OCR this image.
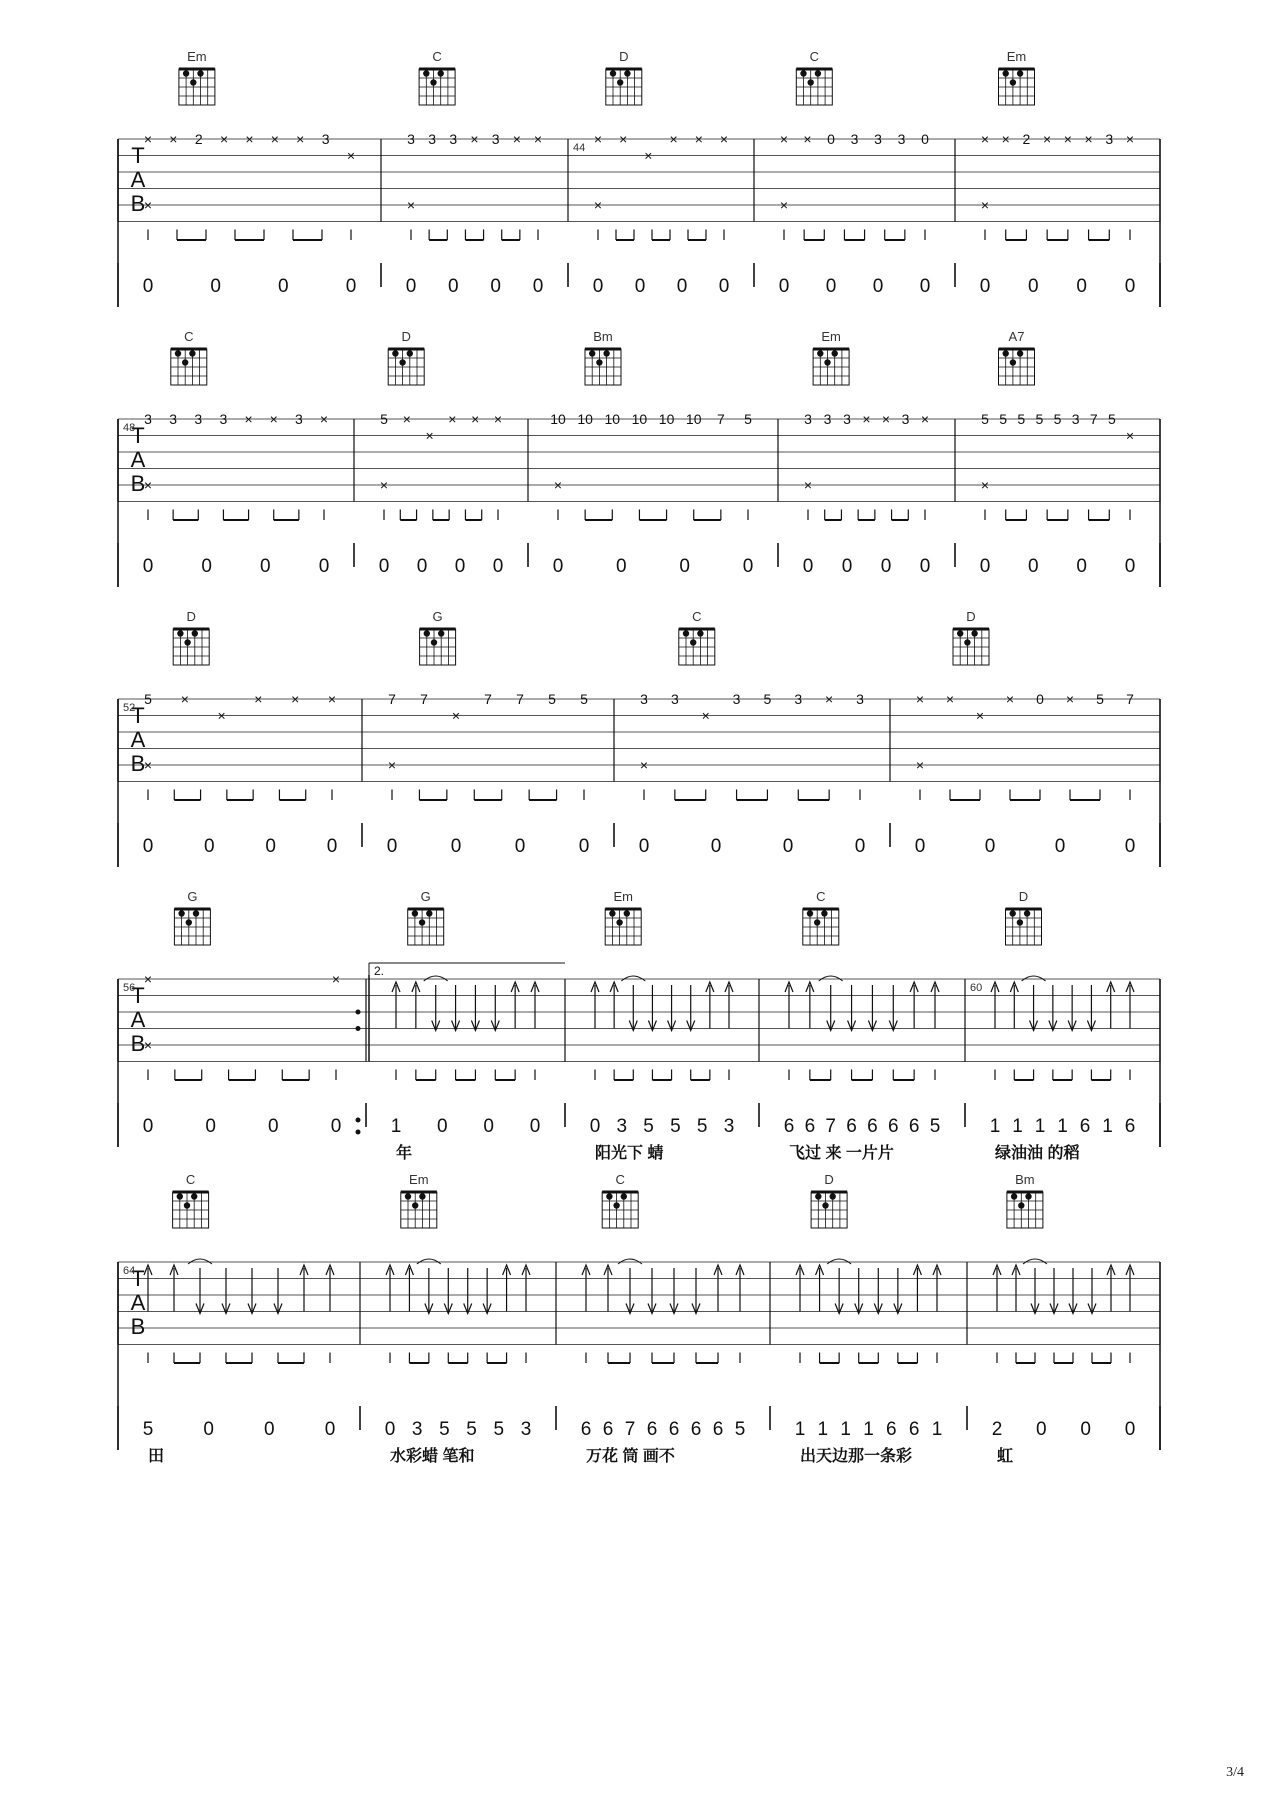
T
A
B
Em
× × 2 × × × × 3
×
×
0	0	0	0
C
3 3 3 × 3 × ×
×
0 0 0 0
D
× ×
×
× × ×
×
0 0 0 0
C
× × 0 3 3 3 0
×
0 0 0 0
Em
× × 2 × × × 3 ×
×
0 0 0 0
T
A
B
48
C
3 3 3 3 × × 3 ×
×
0	0	0	0
D
5 ×
×
× × ×
×
0 0 0 0
Bm
10 10 10 10 10 10 7 5
×
0	0	0	0
Em
3 3 3 × × 3 ×
×
0 0 0 0
A7
5 5 5 5 5 3 7 5
×
×
0 0 0 0
T
A
B
52
D
5 ×
×
× × ×
×
0	0	0	0
G
7 7
×
7 7 5 5
×
0	0	0	0
C
3 3
×
3 5 3 × 3
×
0	0	0	0
D
× ×
×
× 0 × 5 7
×
0	0	0	0
T
A
B
56
G
×	×
×
0	0	0	0
G
1 0 0 0
年
Em
0 3 5 5 5 3
阳光下 蜻
C
6 6 7 6 6 6 6 5
飞过 来 一片片
D
1 1 1 1 6 1 6
绿油油 的稻
2.
60
T
A
B
64
C
5	0	0	0
田
Em
0 3 5 5 5 3
水彩蜡 笔和
C
6 6 7 6 6 6 6 5
万花 筒 画不
D
1 1 1 1 6 6 1
出天边那一条彩
Bm
2 0 0 0
虹
44
3/4
